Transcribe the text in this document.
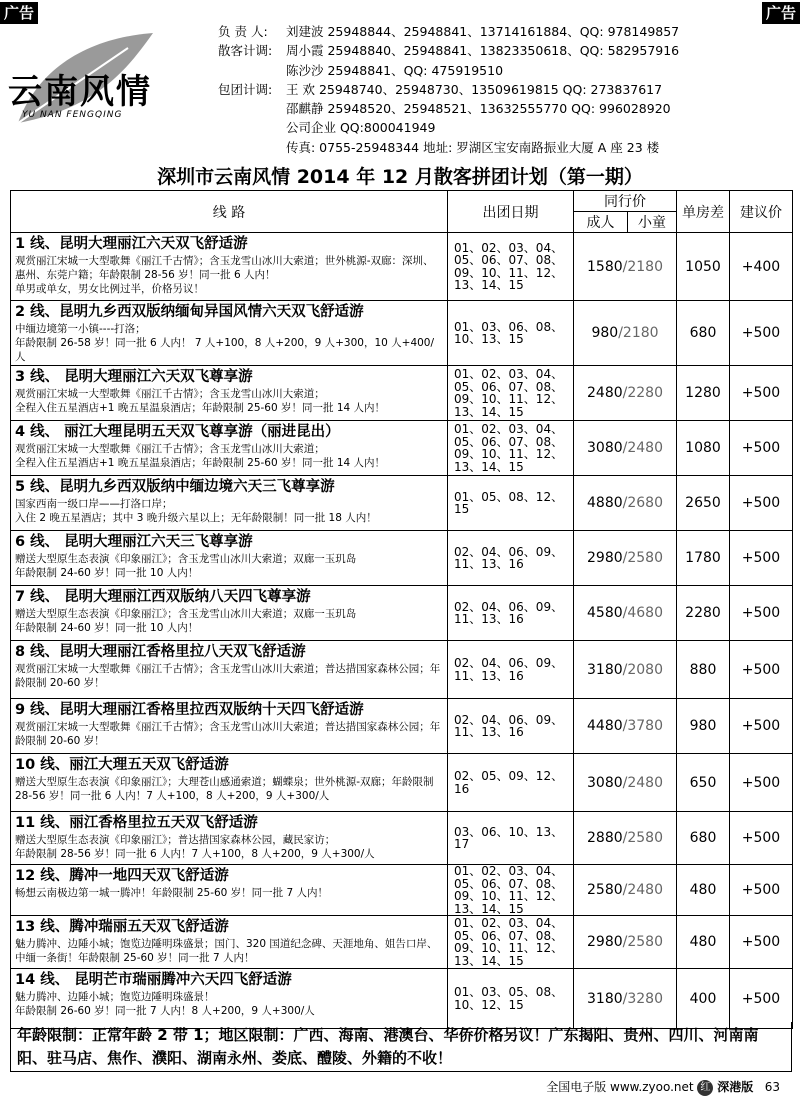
广告	广告
云南风情
YU NAN FENGQING
负 责 人: 刘建波 25948844、25948841、13714161884、QQ: 978149857
散客计调: 周小霞 25948840、25948841、13823350618、QQ: 582957916
陈沙沙 25948841、QQ: 475919510
包团计调: 王 欢 25948740、25948730、13509619815 QQ: 273837617
邵麒静 25948520、25948521、13632555770 QQ: 996028920
公司企业 QQ:800041949
传真: 0755-25948344 地址: 罗湖区宝安南路振业大厦 A 座 23 楼
深圳市云南风情 2014 年 12 月散客拼团计划（第一期）
线 路	出团日期	同行价		单房差	建议价
		成人	小童		

1 线、昆明大理丽江六天双飞舒适游
观赏丽江宋城一大型歌舞《丽江千古情》；含玉龙雪山冰川大索道；世外桃源-双廊：深圳、惠州、东莞户籍；年龄限制 28-56 岁！同一批 6 人内！
单男或单女，男女比例过半，价格另议！	01、02、03、04、05、06、07、08、09、10、11、12、13、14、15	1580/2180		1050	+400

2 线、昆明九乡西双版纳缅甸异国风情六天双飞舒适游
中缅边境第一小镇----打洛；
年龄限制 26-58 岁！同一批 6 人内！ 7 人+100，8 人+200，9 人+300，10 人+400/人	01、03、06、08、10、13、15	980/2180		680	+500

3 线、 昆明大理丽江六天双飞尊享游
观赏丽江宋城一大型歌舞《丽江千古情》；含玉龙雪山冰川大索道；
全程入住五星酒店+1 晚五星温泉酒店；年龄限制 25-60 岁！同一批 14 人内！	01、02、03、04、05、06、07、08、09、10、11、12、13、14、15	2480/2280		1280	+500

4 线、 丽江大理昆明五天双飞尊享游（丽进昆出）
观赏丽江宋城一大型歌舞《丽江千古情》；含玉龙雪山冰川大索道；
全程入住五星酒店+1 晚五星温泉酒店；年龄限制 25-60 岁！同一批 14 人内！	01、02、03、04、05、06、07、08、09、10、11、12、13、14、15	3080/2480		1080	+500

5 线、昆明九乡西双版纳中缅边境六天三飞尊享游
国家西南一级口岸——打洛口岸；
入住 2 晚五星酒店；其中 3 晚升级六星以上；无年龄限制！同一批 18 人内！	01、05、08、12、15	4880/2680		2650	+500

6 线、 昆明大理丽江六天三飞尊享游
赠送大型原生态表演《印象丽江》；含玉龙雪山冰川大索道；双廊一玉玑岛
年龄限制 24-60 岁！同一批 10 人内！	02、04、06、09、11、13、16	2980/2580		1780	+500

7 线、 昆明大理丽江西双版纳八天四飞尊享游
赠送大型原生态表演《印象丽江》；含玉龙雪山冰川大索道；双廊一玉玑岛
年龄限制 24-60 岁！同一批 10 人内！	02、04、06、09、11、13、16	4580/4680		2280	+500

8 线、昆明大理丽江香格里拉八天双飞舒适游
观赏丽江宋城一大型歌舞《丽江千古情》；含玉龙雪山冰川大索道；普达措国家森林公园；年龄限制 20-60 岁！	02、04、06、09、11、13、16	3180/2080		880	+500

9 线、昆明大理丽江香格里拉西双版纳十天四飞舒适游
观赏丽江宋城一大型歌舞《丽江千古情》；含玉龙雪山冰川大索道；普达措国家森林公园；年龄限制 20-60 岁！	02、04、06、09、11、13、16	4480/3780		980	+500

10 线、丽江大理五天双飞舒适游
赠送大型原生态表演《印象丽江》；大理苍山感通索道；蝴蝶泉；世外桃源-双廊；年龄限制 28-56 岁！同一批 6 人内！7 人+100，8 人+200，9 人+300/人	02、05、09、12、16	3080/2480		650	+500

11 线、丽江香格里拉五天双飞舒适游
赠送大型原生态表演《印象丽江》；普达措国家森林公园，藏民家访；
年龄限制 28-56 岁！同一批 6 人内！7 人+100，8 人+200，9 人+300/人	03、06、10、13、17	2880/2580		680	+500

12 线、腾冲一地四天双飞舒适游
畅想云南极边第一城一腾冲！年龄限制 25-60 岁！同一批 7 人内！	01、02、03、04、05、06、07、08、09、10、11、12、13、14、15	2580/2480		480	+500

13 线、腾冲瑞丽五天双飞舒适游
魅力腾冲、边陲小城；饱览边陲明珠盛景；国门、320 国道纪念碑、天涯地角、姐告口岸、中缅一条街！年龄限制 25-60 岁！同一批 7 人内！	01、02、03、04、05、06、07、08、09、10、11、12、13、14、15	2980/2580		480	+500

14 线、 昆明芒市瑞丽腾冲六天四飞舒适游
魅力腾冲、边陲小城；饱览边陲明珠盛景！
年龄限制 26-60 岁！同一批 7 人内！8 人+200，9 人+300/人	01、03、05、08、10、12、15	3180/3280		400	+500
年龄限制：正常年龄 2 带 1；地区限制：广西、海南、港澳台、华侨价格另议！广东揭阳、贵州、四川、河南南阳、驻马店、焦作、濮阳、湖南永州、娄底、醴陵、外籍的不收！
全国电子版 www.zyoo.net 红 深港版 63
